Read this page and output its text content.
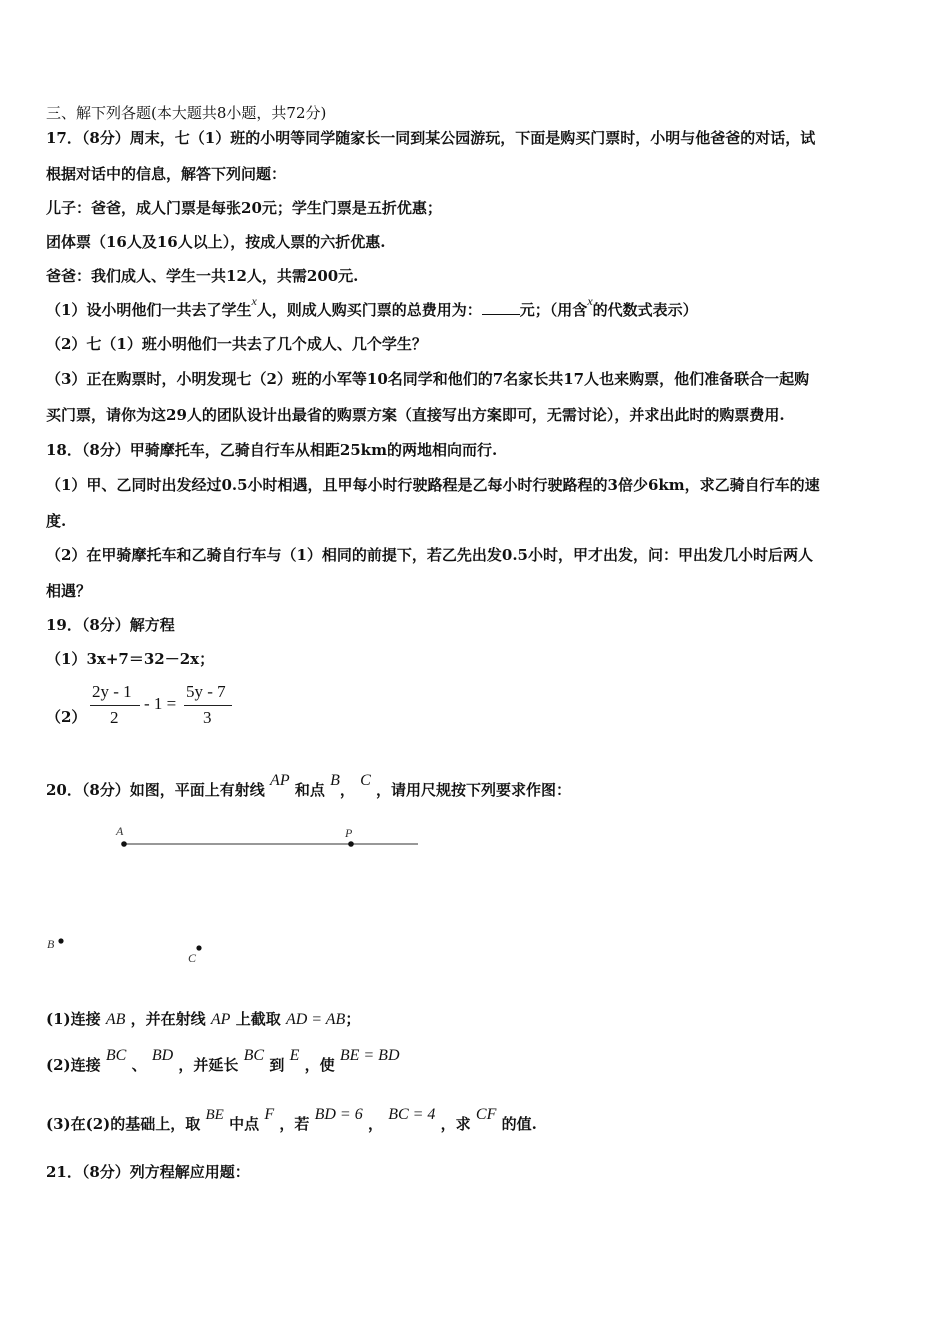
三、解下列各题(本大题共8小题，共72分)
17．（8分）周末，七（1）班的小明等同学随家长一同到某公园游玩，下面是购买门票时，小明与他爸爸的对话，试
根据对话中的信息，解答下列问题：
儿子：爸爸，成人门票是每张20元；学生门票是五折优惠；
团体票（16人及16人以上），按成人票的六折优惠.
爸爸：我们成人、学生一共12人，共需200元.
（1）设小明他们一共去了学生$^x$人，则成人购买门票的总费用为：	元；（用含$^x$的代数式表示）
（2）七（1）班小明他们一共去了几个成人、几个学生？
（3）正在购票时，小明发现七（2）班的小军等10名同学和他们的7名家长共17人也来购票，他们准备联合一起购
买门票，请你为这29人的团队设计出最省的购票方案（直接写出方案即可，无需讨论），并求出此时的购票费用.
18．（8分）甲骑摩托车，乙骑自行车从相距25km的两地相向而行.
（1）甲、乙同时出发经过0.5小时相遇，且甲每小时行驶路程是乙每小时行驶路程的3倍少6km，求乙骑自行车的速
度.
（2）在甲骑摩托车和乙骑自行车与（1）相同的前提下，若乙先出发0.5小时，甲才出发，问：甲出发几小时后两人
相遇？
19．（8分）解方程
（1）3x+7＝32－2x；
（2）
2y - 1
2
- 1 =
5y - 7
3
20．（8分）如图，平面上有射线 AP 和点 B， C ，请用尺规按下列要求作图：
A	P
B
C
(1)连接 AB ，并在射线 AP 上截取 AD = AB；
(2)连接 BC 、 BD ，并延长 BC 到 E ，使 BE = BD
(3)在(2)的基础上，取 BE 中点 F ，若 BD = 6 ， BC = 4 ，求 CF 的值.
21．（8分）列方程解应用题：
